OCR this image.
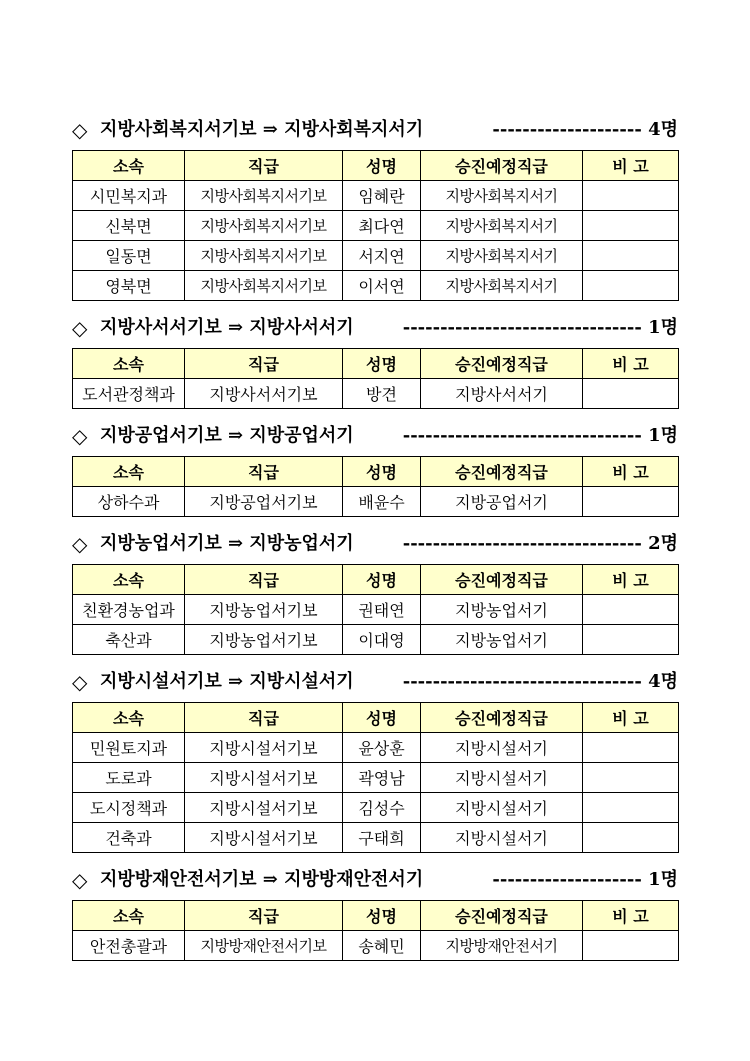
◇ 지방사회복지서기보 ⇒ 지방사회복지서기	-------------------- 4명
소속	직급	성명	승진예정직급	비 고
시민복지과	지방사회복지서기보	임혜란	지방사회복지서기	
신북면	지방사회복지서기보	최다연	지방사회복지서기	
일동면	지방사회복지서기보	서지연	지방사회복지서기	
영북면	지방사회복지서기보	이서연	지방사회복지서기	
◇ 지방사서서기보 ⇒ 지방사서서기	-------------------------------- 1명
소속	직급	성명	승진예정직급	비 고
도서관정책과	지방사서서기보	방견	지방사서서기	
◇ 지방공업서기보 ⇒ 지방공업서기	-------------------------------- 1명
소속	직급	성명	승진예정직급	비 고
상하수과	지방공업서기보	배윤수	지방공업서기	
◇ 지방농업서기보 ⇒ 지방농업서기	-------------------------------- 2명
소속	직급	성명	승진예정직급	비 고
친환경농업과	지방농업서기보	권태연	지방농업서기	
축산과	지방농업서기보	이대영	지방농업서기	
◇ 지방시설서기보 ⇒ 지방시설서기	-------------------------------- 4명
소속	직급	성명	승진예정직급	비 고
민원토지과	지방시설서기보	윤상훈	지방시설서기	
도로과	지방시설서기보	곽영남	지방시설서기	
도시정책과	지방시설서기보	김성수	지방시설서기	
건축과	지방시설서기보	구태희	지방시설서기	
◇ 지방방재안전서기보 ⇒ 지방방재안전서기	-------------------- 1명
소속	직급	성명	승진예정직급	비 고
안전총괄과	지방방재안전서기보	송혜민	지방방재안전서기	
